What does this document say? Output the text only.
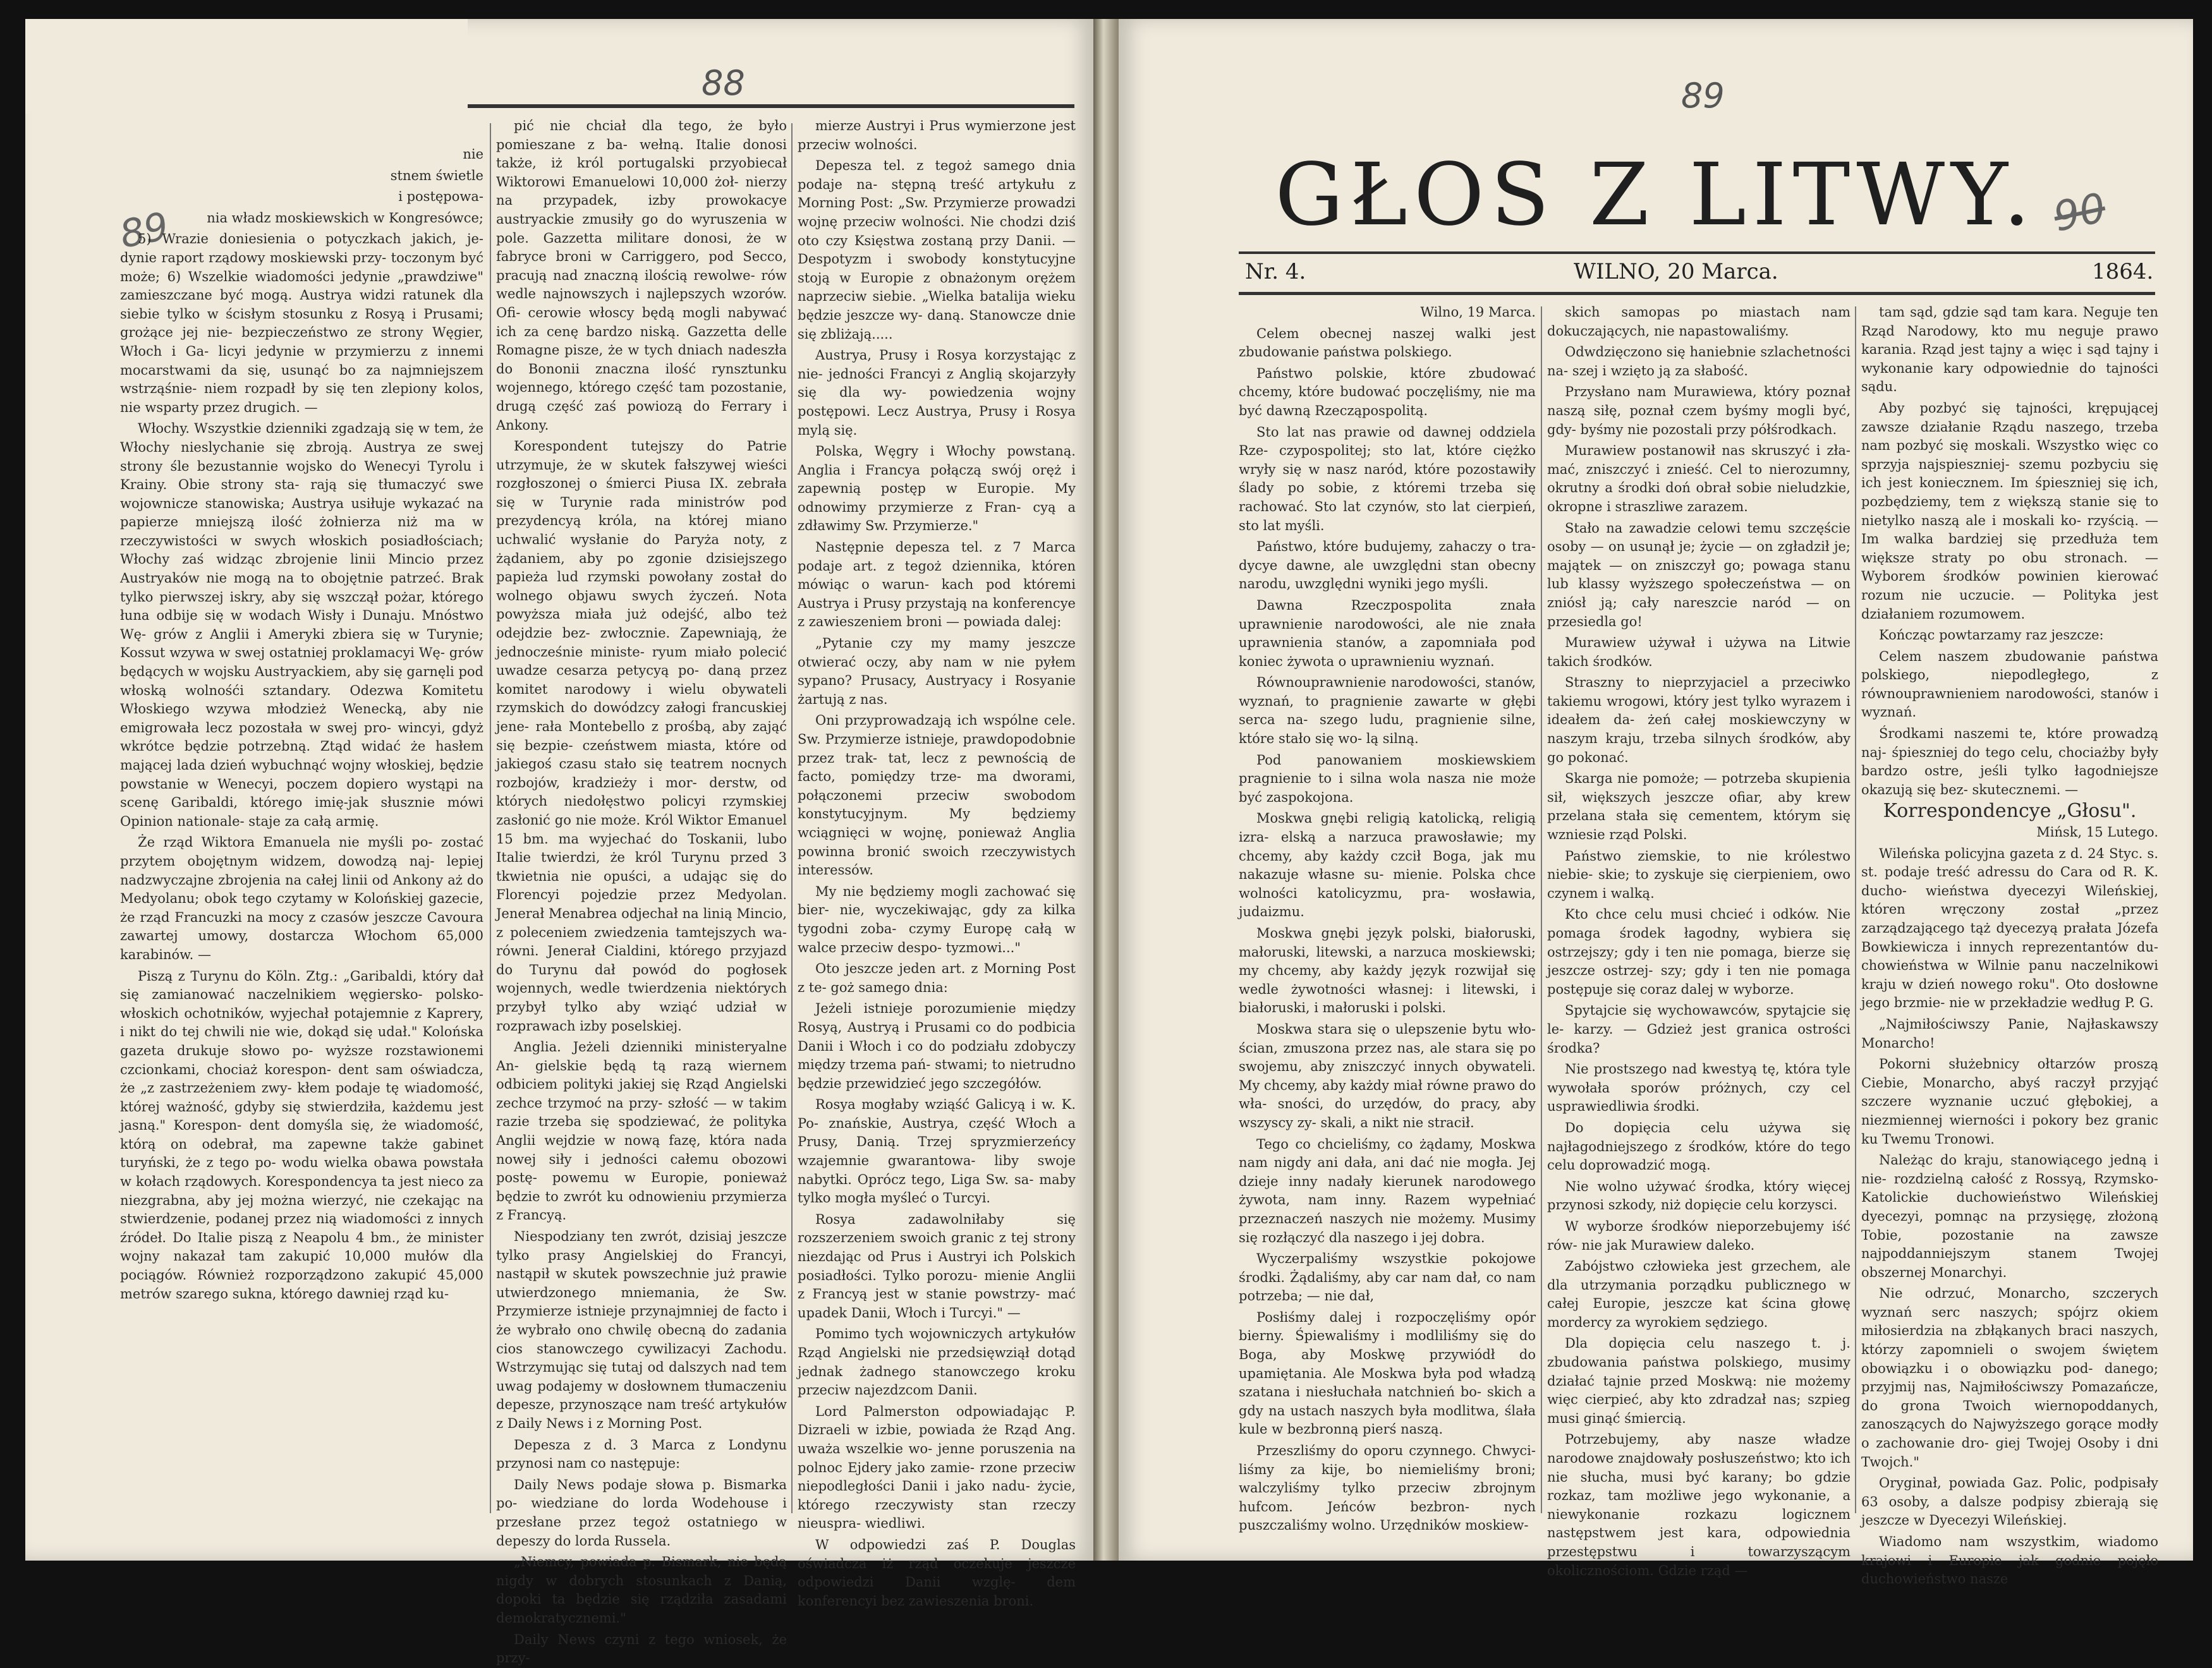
88
89

nie

stnem świetle

i postępowa-

nia władz moskiewskich w Kongresówce;

5) Wrazie doniesienia o potyczkach jakich, je- dynie raport rządowy moskiewski przy- toczonym być może; 6) Wszelkie wiadomości jedynie „prawdziwe" zamieszczane być mogą. Austrya widzi ratunek dla siebie tylko w ścisłym stosunku z Rosyą i Prusami; grożące jej nie- bezpieczeństwo ze strony Węgier, Włoch i Ga- licyi jedynie w przymierzu z innemi mocarstwami da się, usunąć bo za najmniejszem wstrząśnie- niem rozpadł by się ten zlepiony kolos, nie wsparty przez drugich. —

Włochy. Wszystkie dzienniki zgadzają się w tem, że Włochy nieslychanie się zbroją. Austrya ze swej strony śle bezustannie wojsko do Wenecyi Tyrolu i Krainy. Obie strony sta- rają się tłumaczyć swe wojownicze stanowiska; Austrya usiłuje wykazać na papierze mniejszą ilość żołnierza niż ma w rzeczywistości w swych włoskich posiadłościach; Włochy zaś widząc zbrojenie linii Mincio przez Austryaków nie mogą na to obojętnie patrzeć. Brak tylko pierwszej iskry, aby się wszczął pożar, którego łuna odbije się w wodach Wisły i Dunaju. Mnóstwo Wę- grów z Anglii i Ameryki zbiera się w Turynie; Kossut wzywa w swej ostatniej proklamacyi Wę- grów będących w wojsku Austryackiem, aby się garnęli pod włoską wolnośći sztandary. Odezwa Komitetu Włoskiego wzywa młodzież Wenecką, aby nie emigrowała lecz pozostała w swej pro- wincyi, gdyż wkrótce będzie potrzebną. Ztąd widać że hasłem mającej lada dzień wybuchnąć wojny włoskiej, będzie powstanie w Wenecyi, poczem dopiero wystąpi na scenę Garibaldi, którego imię-jak słusznie mówi Opinion nationale- staje za całą armię.

Że rząd Wiktora Emanuela nie myśli po- zostać przytem obojętnym widzem, dowodzą naj- lepiej nadzwyczajne zbrojenia na całej linii od Ankony aż do Medyolanu; obok tego czytamy w Kolońskiej gazecie, że rząd Francuzki na mocy z czasów jeszcze Cavoura zawartej umowy, dostarcza Włochom 65,000 karabinów. —

Piszą z Turynu do Köln. Ztg.: „Garibaldi, który dał się zamianować naczelnikiem węgiersko- polsko-włoskich ochotników, wyjechał potajemnie z Kaprery, i nikt do tej chwili nie wie, dokąd się udał." Kolońska gazeta drukuje słowo po- wyższe rozstawionemi czcionkami, chociaż korespon- dent sam oświadcza, że „z zastrzeżeniem zwy- kłem podaje tę wiadomość, której ważność, gdyby się stwierdziła, każdemu jest jasną." Korespon- dent domyśla się, że wiadomość, którą on odebrał, ma zapewne także gabinet turyński, że z tego po- wodu wielka obawa powstała w kołach rządowych. Korespondencya ta jest nieco za niezgrabna, aby jej można wierzyć, nie czekając na stwierdzenie, podanej przez nią wiadomości z innych źródeł. Do Italie piszą z Neapolu 4 bm., że minister wojny nakazał tam zakupić 10,000 mułów dla pociągów. Również rozporządzono zakupić 45,000 metrów szarego sukna, którego dawniej rząd ku-

pić nie chciał dla tego, że było pomieszane z ba- wełną. Italie donosi także, iż król portugalski przyobiecał Wiktorowi Emanuelowi 10,000 żoł- nierzy na przypadek, izby prowokacye austryackie zmusiły go do wyruszenia w pole. Gazzetta militare donosi, że w fabryce broni w Carriggero, pod Secco, pracują nad znaczną ilością rewolwe- rów wedle najnowszych i najlepszych wzorów. Ofi- cerowie włoscy będą mogli nabywać ich za cenę bardzo niską. Gazzetta delle Romagne pisze, że w tych dniach nadeszła do Bononii znaczna ilość rynsztunku wojennego, którego część tam pozostanie, drugą część zaś powiozą do Ferrary i Ankony.

Korespondent tutejszy do Patrie utrzymuje, że w skutek fałszywej wieści rozgłoszonej o śmierci Piusa IX. zebrała się w Turynie rada ministrów pod prezydencyą króla, na której miano uchwalić wysłanie do Paryża noty, z żądaniem, aby po zgonie dzisiejszego papieża lud rzymski powołany został do wolnego objawu swych życzeń. Nota powyższa miała już odejść, albo też odejdzie bez- zwłocznie. Zapewniają, że jednocześnie ministe- ryum miało polecić uwadze cesarza petycyą po- daną przez komitet narodowy i wielu obywateli rzymskich do dowódzcy załogi francuskiej jene- rała Montebello z prośbą, aby zająć się bezpie- czeństwem miasta, które od jakiegoś czasu stało się teatrem nocnych rozbojów, kradzieży i mor- derstw, od których niedołęstwo policyi rzymskiej zasłonić go nie może. Król Wiktor Emanuel 15 bm. ma wyjechać do Toskanii, lubo Italie twierdzi, że król Turynu przed 3 tkwietnia nie opuści, a udając się do Florencyi pojedzie przez Medyolan. Jenerał Menabrea odjechał na linią Mincio, z poleceniem zwiedzenia tamtejszych wa- równi. Jenerał Cialdini, którego przyjazd do Turynu dał powód do pogłosek wojennych, wedle twierdzenia niektórych przybył tylko aby wziąć udział w rozprawach izby poselskiej.

Anglia. Jeżeli dzienniki ministeryalne An- gielskie będą tą razą wiernem odbiciem polityki jakiej się Rząd Angielski zechce trzymoć na przy- szłość — w takim razie trzeba się spodziewać, że polityka Anglii wejdzie w nową fazę, która nada nowej siły i jedności całemu obozowi postę- powemu w Europie, ponieważ będzie to zwrót ku odnowieniu przymierza z Francyą.

Niespodziany ten zwrót, dzisiaj jeszcze tylko prasy Angielskiej do Francyi, nastąpił w skutek powszechnie już prawie utwierdzonego mniemania, że Sw. Przymierze istnieje przynajmniej de facto i że wybrało ono chwilę obecną do zadania cios stanowczego cywilizacyi Zachodu. Wstrzymując się tutaj od dalszych nad tem uwag podajemy w dosłownem tłumaczeniu depesze, przynoszące nam treść artykułów z Daily News i z Morning Post.

Depesza z d. 3 Marca z Londynu przynosi nam co następuje:

Daily News podaje słowa p. Bismarka po- wiedziane do lorda Wodehouse i przesłane przez tegoż ostatniego w depeszy do lorda Russela.

„Niemcy, powiada p. Bismark, nie będą nigdy w dobrych stosunkach z Danią, dopoki ta będzie się rządziła zasadami demokratycznemi."

Daily News czyni z tego wniosek, że przy-

mierze Austryi i Prus wymierzone jest przeciw wolności.

Depesza tel. z tegoż samego dnia podaje na- stępną treść artykułu z Morning Post: „Sw. Przymierze prowadzi wojnę przeciw wolności. Nie chodzi dziś oto czy Księstwa zostaną przy Danii. — Despotyzm i swobody konstytucyjne stoją w Europie z obnażonym orężem naprzeciw siebie. „Wielka batalija wieku będzie jeszcze wy- daną. Stanowcze dnie się zbliżają.....

Austrya, Prusy i Rosya korzystając z nie- jedności Francyi z Anglią skojarzyły się dla wy- powiedzenia wojny postępowi. Lecz Austrya, Prusy i Rosya mylą się.

Polska, Węgry i Włochy powstaną. Anglia i Francya połączą swój oręż i zapewnią postęp w Europie. My odnowimy przymierze z Fran- cyą a zdławimy Sw. Przymierze."

Następnie depesza tel. z 7 Marca podaje art. z tegoż dziennika, któren mówiąc o warun- kach pod któremi Austrya i Prusy przystają na konferencye z zawieszeniem broni — powiada dalej:

„Pytanie czy my mamy jeszcze otwierać oczy, aby nam w nie pyłem sypano? Prusacy, Austryacy i Rosyanie żartują z nas.

Oni przyprowadzają ich wspólne cele. Sw. Przymierze istnieje, prawdopodobnie przez trak- tat, lecz z pewnością de facto, pomiędzy trze- ma dworami, połączonemi przeciw swobodom konstytucyjnym. My będziemy wciągnięci w wojnę, ponieważ Anglia powinna bronić swoich rzeczywistych interessów.

My nie będziemy mogli zachować się bier- nie, wyczekiwając, gdy za kilka tygodni zoba- czymy Europę całą w walce przeciw despo- tyzmowi..."

Oto jeszcze jeden art. z Morning Post z te- goż samego dnia:

Jeżeli istnieje porozumienie między Rosyą, Austryą i Prusami co do podbicia Danii i Włoch i co do podziału zdobyczy między trzema pań- stwami; to nietrudno będzie przewidzieć jego szczegółów.

Rosya mogłaby wziąść Galicyą i w. K. Po- znańskie, Austrya, część Włoch a Prusy, Danią. Trzej spryzmierzeńcy wzajemnie gwarantowa- liby swoje nabytki. Oprócz tego, Liga Sw. sa- maby tylko mogła myśleć o Turcyi.

Rosya zadawolniłaby się rozszerzeniem swoich granic z tej strony niezdając od Prus i Austryi ich Polskich posiadłości. Tylko porozu- mienie Anglii z Francyą jest w stanie powstrzy- mać upadek Danii, Włoch i Turcyi." —

Pomimo tych wojowniczych artykułów Rząd Angielski nie przedsięwziął dotąd jednak żadnego stanowczego kroku przeciw najezdzcom Danii.

Lord Palmerston odpowiadając P. Dizraeli w izbie, powiada że Rząd Ang. uważa wszelkie wo- jenne poruszenia na polnoc Ejdery jako zamie- rzone przeciw niepodległości Danii i jako nadu- życie, którego rzeczywisty stan rzeczy nieuspra- wiedliwi.

W odpowiedzi zaś P. Douglas oświadcza iż rząd oczekuje jeszcze odpowiedzi Danii wzglę- dem konferencyi bez zawieszenia broni.

89
90
GŁOS Z LITWY.
Nr. 4.	WILNO, 20 Marca.	1864.

Wilno, 19 Marca.

Celem obecnej naszej walki jest zbudowanie państwa polskiego.

Państwo polskie, które zbudować chcemy, które budować poczęliśmy, nie ma być dawną Rzecząpospolitą.

Sto lat nas prawie od dawnej oddziela Rze- czypospolitej; sto lat, które ciężko wryły się w nasz naród, które pozostawiły ślady po sobie, z któremi trzeba się rachować. Sto lat czynów, sto lat cierpień, sto lat myśli.

Państwo, które budujemy, zahaczy o tra- dycye dawne, ale uwzględni stan obecny narodu, uwzględni wyniki jego myśli.

Dawna Rzeczpospolita znała uprawnienie narodowości, ale nie znała uprawnienia stanów, a zapomniała pod koniec żywota o uprawnieniu wyznań.

Równouprawnienie narodowości, stanów, wyznań, to pragnienie zawarte w głębi serca na- szego ludu, pragnienie silne, które stało się wo- lą silną.

Pod panowaniem moskiewskiem pragnienie to i silna wola nasza nie może być zaspokojona.

Moskwa gnębi religią katolicką, religią izra- elską a narzuca prawosławie; my chcemy, aby każdy czcił Boga, jak mu nakazuje własne su- mienie. Polska chce wolności katolicyzmu, pra- wosławia, judaizmu.

Moskwa gnębi język polski, białoruski, małoruski, litewski, a narzuca moskiewski; my chcemy, aby każdy język rozwijał się wedle żywotności własnej: i litewski, i białoruski, i małoruski i polski.

Moskwa stara się o ulepszenie bytu wło- ścian, zmuszona przez nas, ale stara się po swojemu, aby zniszczyć innych obywateli. My chcemy, aby każdy miał równe prawo do wła- sności, do urzędów, do pracy, aby wszyscy zy- skali, a nikt nie stracił.

Tego co chcieliśmy, co żądamy, Moskwa nam nigdy ani dała, ani dać nie mogła. Jej dzieje inny nadały kierunek narodowego żywota, nam inny. Razem wypełniać przeznaczeń naszych nie możemy. Musimy się rozłączyć dla naszego i jej dobra.

Wyczerpaliśmy wszystkie pokojowe środki. Żądaliśmy, aby car nam dał, co nam potrzeba; — nie dał,

Posłiśmy dalej i rozpoczęliśmy opór bierny. Śpiewaliśmy i modliliśmy się do Boga, aby Moskwę przywiódł do upamiętania. Ale Moskwa była pod władzą szatana i niesłuchała natchnień bo- skich a gdy na ustach naszych była modlitwa, ślała kule w bezbronną pierś naszą.

Przeszliśmy do oporu czynnego. Chwyci- liśmy za kije, bo niemieliśmy broni; walczyliśmy tylko przeciw zbrojnym hufcom. Jeńców bezbron- nych puszczaliśmy wolno. Urzędników moskiew-

skich samopas po miastach nam dokuczających, nie napastowaliśmy.

Odwdzięczono się haniebnie szlachetności na- szej i wzięto ją za słabość.

Przysłano nam Murawiewa, który poznał naszą siłę, poznał czem byśmy mogli być, gdy- byśmy nie pozostali przy półśrodkach.

Murawiew postanowił nas skruszyć i zła- mać, zniszczyć i znieść. Cel to nierozumny, okrutny a środki doń obrał sobie nieludzkie, okropne i straszliwe zarazem.

Stało na zawadzie celowi temu szczęście osoby — on usunął je; życie — on zgładził je; majątek — on zniszczył go; powaga stanu lub klassy wyższego społeczeństwa — on zniósł ją; cały nareszcie naród — on przesiedla go!

Murawiew używał i używa na Litwie takich środków.

Straszny to nieprzyjaciel a przeciwko takiemu wrogowi, który jest tylko wyrazem i ideałem da- żeń całej moskiewczyny w naszym kraju, trzeba silnych środków, aby go pokonać.

Skarga nie pomoże; — potrzeba skupienia sił, większych jeszcze ofiar, aby krew przelana stała się cementem, którym się wzniesie rząd Polski.

Państwo ziemskie, to nie królestwo niebie- skie; to zyskuje się cierpieniem, owo czynem i walką.

Kto chce celu musi chcieć i odków. Nie pomaga środek łagodny, wybiera się ostrzejszy; gdy i ten nie pomaga, bierze się jeszcze ostrzej- szy; gdy i ten nie pomaga postępuje się coraz dalej w wyborze.

Spytajcie się wychowawców, spytajcie się le- karzy. — Gdzież jest granica ostrości środka?

Nie prostszego nad kwestyą tę, która tyle wywołała sporów próżnych, czy cel usprawiedliwia środki.

Do dopięcia celu używa się najłagodniejszego z środków, które do tego celu doprowadzić mogą.

Nie wolno używać środka, który więcej przynosi szkody, niż dopięcie celu korzysci.

W wyborze środków nieporzebujemy iść rów- nie jak Murawiew daleko.

Zabójstwo człowieka jest grzechem, ale dla utrzymania porządku publicznego w całej Europie, jeszcze kat ścina głowę mordercy za wyrokiem sędziego.

Dla dopięcia celu naszego t. j. zbudowania państwa polskiego, musimy działać tajnie przed Moskwą: nie możemy więc cierpieć, aby kto zdradzał nas; szpieg musi ginąć śmiercią.

Potrzebujemy, aby nasze władze narodowe znajdowały posłuszeństwo; kto ich nie słucha, musi być karany; bo gdzie rozkaz, tam możliwe jego wykonanie, a niewykonanie rozkazu logicznem następstwem jest kara, odpowiednia przestępstwu i towarzyszącym okolicznościom. Gdzie rząd —

tam sąd, gdzie sąd tam kara. Neguje ten Rząd Narodowy, kto mu neguje prawo karania. Rząd jest tajny a więc i sąd tajny i wykonanie kary odpowiednie do tajności sądu.

Aby pozbyć się tajności, krępującej zawsze działanie Rządu naszego, trzeba nam pozbyć się moskali. Wszystko więc co sprzyja najspieszniej- szemu pozbyciu się ich jest koniecznem. Im śpieszniej się ich, pozbędziemy, tem z większą stanie się to nietylko naszą ale i moskali ko- rzyścią. — Im walka bardziej się przedłuża tem większe straty po obu stronach. — Wyborem środków powinien kierować rozum nie uczucie. — Polityka jest działaniem rozumowem.

Kończąc powtarzamy raz jeszcze:

Celem naszem zbudowanie państwa polskiego, niepodległego, z równouprawnieniem narodowości, stanów i wyznań.

Środkami naszemi te, które prowadzą naj- śpieszniej do tego celu, chociażby były bardzo ostre, jeśli tylko łagodniejsze okazują się bez- skutecznemi. —

Korrespondencye „Głosu".

Mińsk, 15 Lutego.

Wileńska policyjna gazeta z d. 24 Styc. s. st. podaje treść adressu do Cara od R. K. ducho- wieństwa dyecezyi Wileńskiej, któren wręczony został „przez zarządzającego tąż dyecezyą prałata Józefa Bowkiewicza i innych reprezentantów du- chowieństwa w Wilnie panu naczelnikowi kraju w dzień nowego roku". Oto dosłowne jego brzmie- nie w przekładzie według P. G.

„Najmiłościwszy Panie, Najłaskawszy Monarcho!

Pokorni służebnicy ołtarzów proszą Ciebie, Monarcho, abyś raczył przyjąć szczere wyznanie uczuć głębokiej, a niezmiennej wierności i pokory bez granic ku Twemu Tronowi.

Należąc do kraju, stanowiącego jedną i nie- rozdzielną całość z Rossyą, Rzymsko-Katolickie duchowieństwo Wileńskiej dyecezyi, pomnąc na przysięgę, złożoną Tobie, pozostanie na zawsze najpoddanniejszym stanem Twojej obszernej Monarchyi.

Nie odrzuć, Monarcho, szczerych wyznań serc naszych; spójrz okiem miłosierdzia na zbłąkanych braci naszych, którzy zapomnieli o swojem świętem obowiązku i o obowiązku pod- danego; przyjmij nas, Najmiłościwszy Pomazańcze, do grona Twoich wiernopoddanych, zanoszących do Najwyższego gorące modły o zachowanie dro- giej Twojej Osoby i dni Twojch."

Oryginał, powiada Gaz. Polic, podpisały 63 osoby, a dalsze podpisy zbierają się jeszcze w Dyecezyi Wileńskiej.

Wiadomo nam wszystkim, wiadomo krajowi i Europie jak godnie pojęło duchowieństwo nasze
